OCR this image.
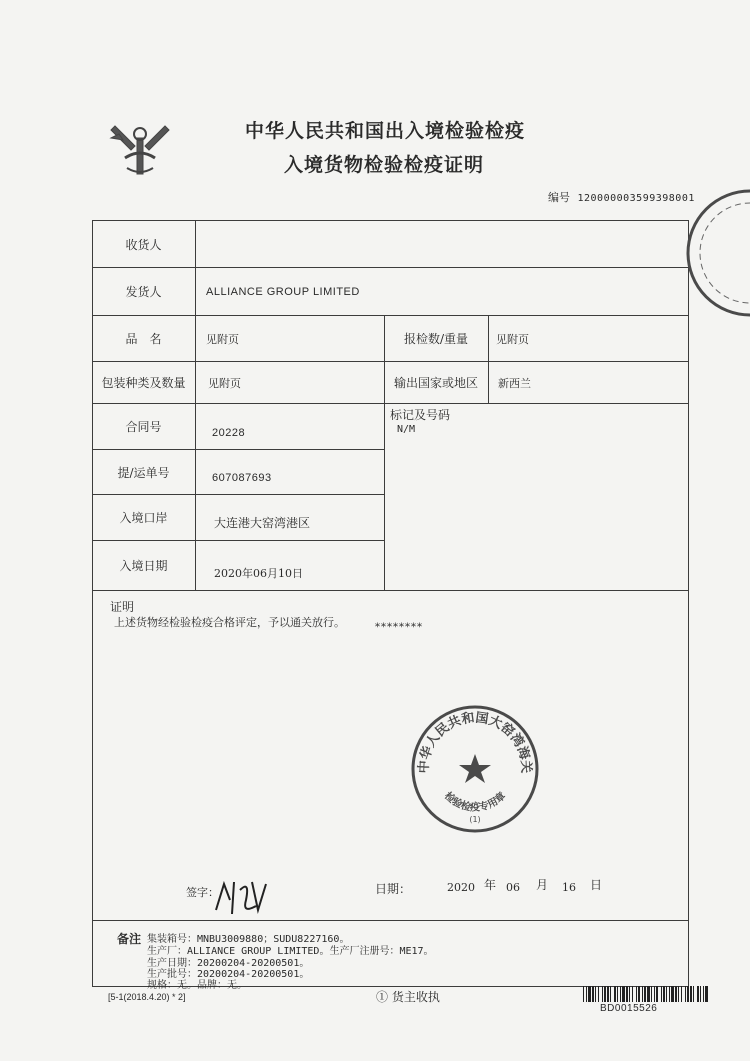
中华人民共和国出入境检验检疫
入境货物检验检疫证明
编号 120000003599398001
收货人
发货人	ALLIANCE GROUP LIMITED
品　名	见附页	报检数/重量	见附页
包装种类及数量	见附页	输出国家或地区	新西兰
标记及号码
N/M
合同号	20228
提/运单号	607087693
入境口岸	大连港大窑湾港区
入境日期	2020年06月10日
证明
上述货物经检验检疫合格评定，予以通关放行。	********
中华人民共和国大窑湾海关
检验检疫专用章
(1)
签字：	日期：	2020 年 06 月 16 日
备注 集装箱号：MNBU3009880；SUDU8227160。
生产厂：ALLIANCE GROUP LIMITED。生产厂注册号：ME17。
生产日期：20200204-20200501。
生产批号：20200204-20200501。
规格：无。品牌：无。
[5-1(2018.4.20) * 2]	① 货主收执
BD0015526
